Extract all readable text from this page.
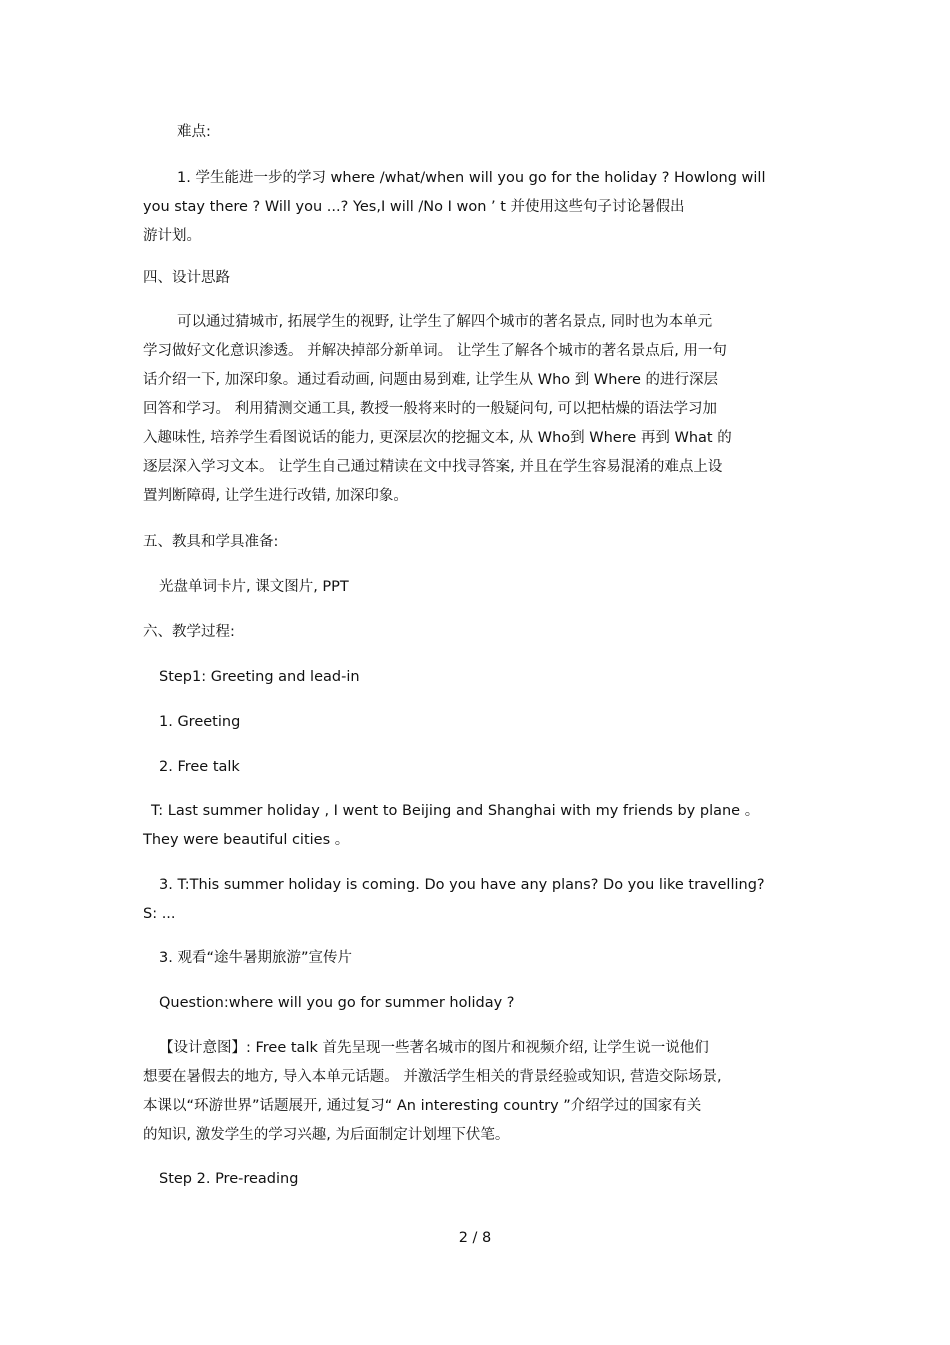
难点:
1. 学生能进一步的学习 where /what/when will you go for the holiday ? Howlong will
you stay there ? Will you ...? Yes,I will /No I won ’ t 并使用这些句子讨论暑假出
游计划。
四、设计思路
可以通过猜城市, 拓展学生的视野, 让学生了解四个城市的著名景点, 同时也为本单元
学习做好文化意识渗透。 并解决掉部分新单词。 让学生了解各个城市的著名景点后, 用一句
话介绍一下, 加深印象。通过看动画, 问题由易到难, 让学生从 Who 到 Where 的进行深层
回答和学习。 利用猜测交通工具, 教授一般将来时的一般疑问句, 可以把枯燥的语法学习加
入趣味性, 培养学生看图说话的能力, 更深层次的挖掘文本, 从 Who到 Where 再到 What 的
逐层深入学习文本。 让学生自己通过精读在文中找寻答案, 并且在学生容易混淆的难点上设
置判断障碍, 让学生进行改错, 加深印象。
五、教具和学具准备:
光盘单词卡片, 课文图片, PPT
六、教学过程:
Step1: Greeting and lead-in
1. Greeting
2. Free talk
T: Last summer holiday , I went to Beijing and Shanghai with my friends by plane 。
They were beautiful cities 。
3. T:This summer holiday is coming. Do you have any plans? Do you like travelling?
S: ...
3. 观看“途牛暑期旅游”宣传片
Question:where will you go for summer holiday ?
【设计意图】: Free talk 首先呈现一些著名城市的图片和视频介绍, 让学生说一说他们
想要在暑假去的地方, 导入本单元话题。 并激活学生相关的背景经验或知识, 营造交际场景,
本课以“环游世界”话题展开, 通过复习“ An interesting country ”介绍学过的国家有关
的知识, 激发学生的学习兴趣, 为后面制定计划埋下伏笔。
Step 2. Pre-reading
2 / 8
